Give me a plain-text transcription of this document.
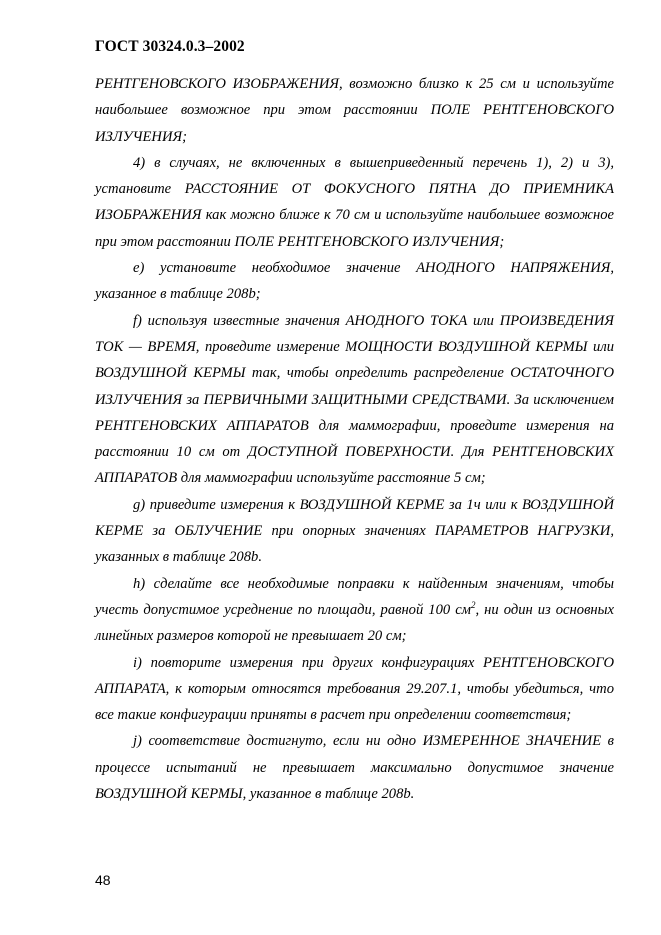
ГОСТ 30324.0.3–2002

РЕНТГЕНОВСКОГО ИЗОБРАЖЕНИЯ, возможно близко к 25 см и используйте наибольшее возможное при этом расстоянии ПОЛЕ РЕНТГЕНОВСКОГО ИЗЛУЧЕНИЯ;

4) в случаях, не включенных в вышеприведенный перечень 1), 2) и 3), установите РАССТОЯНИЕ ОТ ФОКУСНОГО ПЯТНА ДО ПРИЕМНИКА ИЗОБРАЖЕНИЯ как можно ближе к 70 см и используйте наибольшее возможное при этом расстоянии ПОЛЕ РЕНТГЕНОВСКОГО ИЗЛУЧЕНИЯ;

e) установите необходимое значение АНОДНОГО НАПРЯЖЕНИЯ, указанное в таблице 208b;

f) используя известные значения АНОДНОГО ТОКА или ПРОИЗВЕДЕНИЯ ТОК — ВРЕМЯ, проведите измерение МОЩНОСТИ ВОЗДУШНОЙ КЕРМЫ или ВОЗДУШНОЙ КЕРМЫ так, чтобы определить распределение ОСТАТОЧНОГО ИЗЛУЧЕНИЯ за ПЕРВИЧНЫМИ ЗАЩИТНЫМИ СРЕДСТВАМИ. За исключением РЕНТГЕНОВСКИХ АППАРАТОВ для маммографии, проведите измерения на расстоянии 10 см от ДОСТУПНОЙ ПОВЕРХНОСТИ. Для РЕНТГЕНОВСКИХ АППАРАТОВ для маммографии используйте расстояние 5 см;

g) приведите измерения к ВОЗДУШНОЙ КЕРМЕ за 1ч или к ВОЗДУШНОЙ КЕРМЕ за ОБЛУЧЕНИЕ при опорных значениях ПАРАМЕТРОВ НАГРУЗКИ, указанных в таблице 208b.

h) сделайте все необходимые поправки к найденным значениям, чтобы учесть допустимое усреднение по площади, равной 100 $см^2$, ни один из основных линейных размеров которой не превышает 20 см;

i) повторите измерения при других конфигурациях РЕНТГЕНОВСКОГО АППАРАТА, к которым относятся требования 29.207.1, чтобы убедиться, что все такие конфигурации приняты в расчет при определении соответствия;

j) соответствие достигнуто, если ни одно ИЗМЕРЕННОЕ ЗНАЧЕНИЕ в процессе испытаний не превышает максимально допустимое значение ВОЗДУШНОЙ КЕРМЫ, указанное в таблице 208b.

48
